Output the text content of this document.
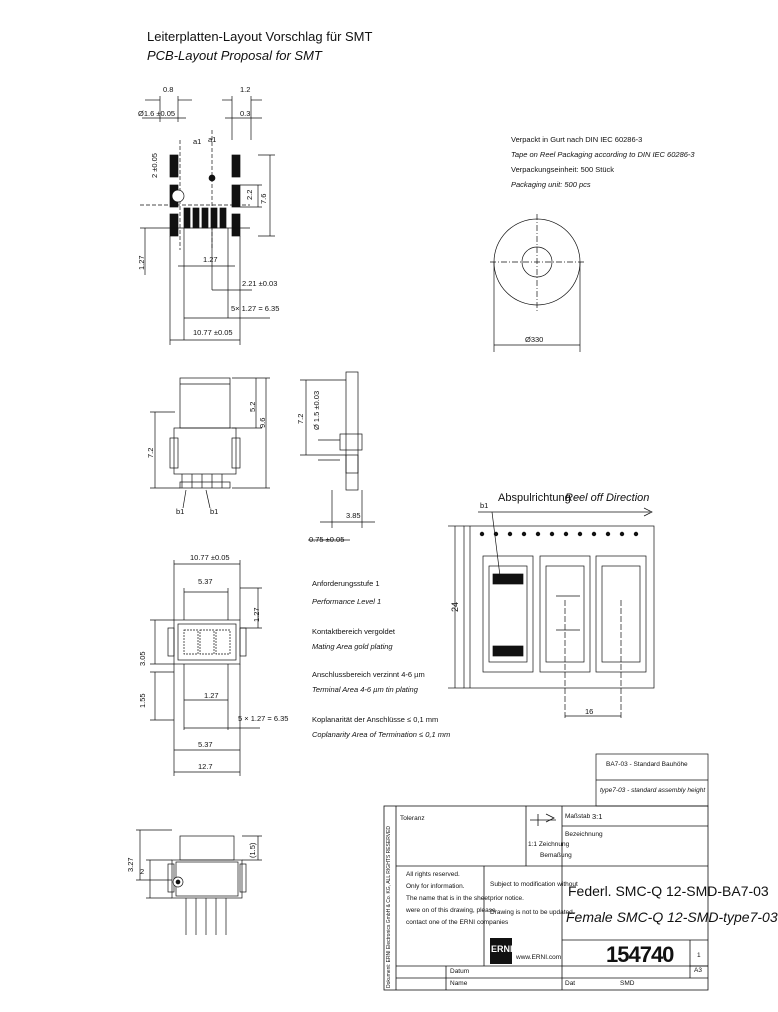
Leiterplatten-Layout Vorschlag für SMT
PCB-Layout Proposal for SMT
0.8	1.2
Ø1.6 ±0.05	0.3
a1 a1
2 ±0.05
2.2 7.6
1.27	1.27
2.21 ±0.03
5× 1.27 = 6.35
10.77 ±0.05
Verpackt in Gurt nach DIN IEC 60286-3
Tape on Reel Packaging according to DIN IEC 60286-3
Verpackungseinheit: 500 Stück
Packaging unit: 500 pcs
Ø330
5.2
9.6
7.2
b1	b1
7.2 Ø 1.5 ±0.03
3.85
0.75 ±0.05
Abspulrichtung -
Reel off Direction
b1
24
16
10.77 ±0.05
5.37
1.27
3.05
1.55	1.27
5 × 1.27 = 6.35
5.37
12.7
Anforderungsstufe 1
Performance Level 1
Kontaktbereich vergoldet
Mating Area gold plating
Anschlussbereich verzinnt 4-6 µm
Terminal Area 4-6 µm tin plating
Koplanarität der Anschlüsse ≤ 0,1 mm
Coplanarity Area of Termination ≤ 0,1 mm
3.27 2
(1.5)
BA7-03 - Standard Bauhöhe
type7-03 - standard assembly height
Toleranz	Maßstab 3:1
1:1 Zeichnung
Bemaßung
Bezeichnung
All rights reserved.
Only for information.
The name that is in the sheet
were on of this drawing, please
contact one of the ERNI companies
Subject to modification without
prior notice.
Drawing is not to be updated.
Federl. SMC-Q 12-SMD-BA7-03
Female SMC-Q 12-SMD-type7-03
ERNI
www.ERNI.com 154740	1
A3
Datum
Name	Dat	SMD
Dokument: ERNI Electronics GmbH & Co. KG, ALL RIGHTS RESERVED
